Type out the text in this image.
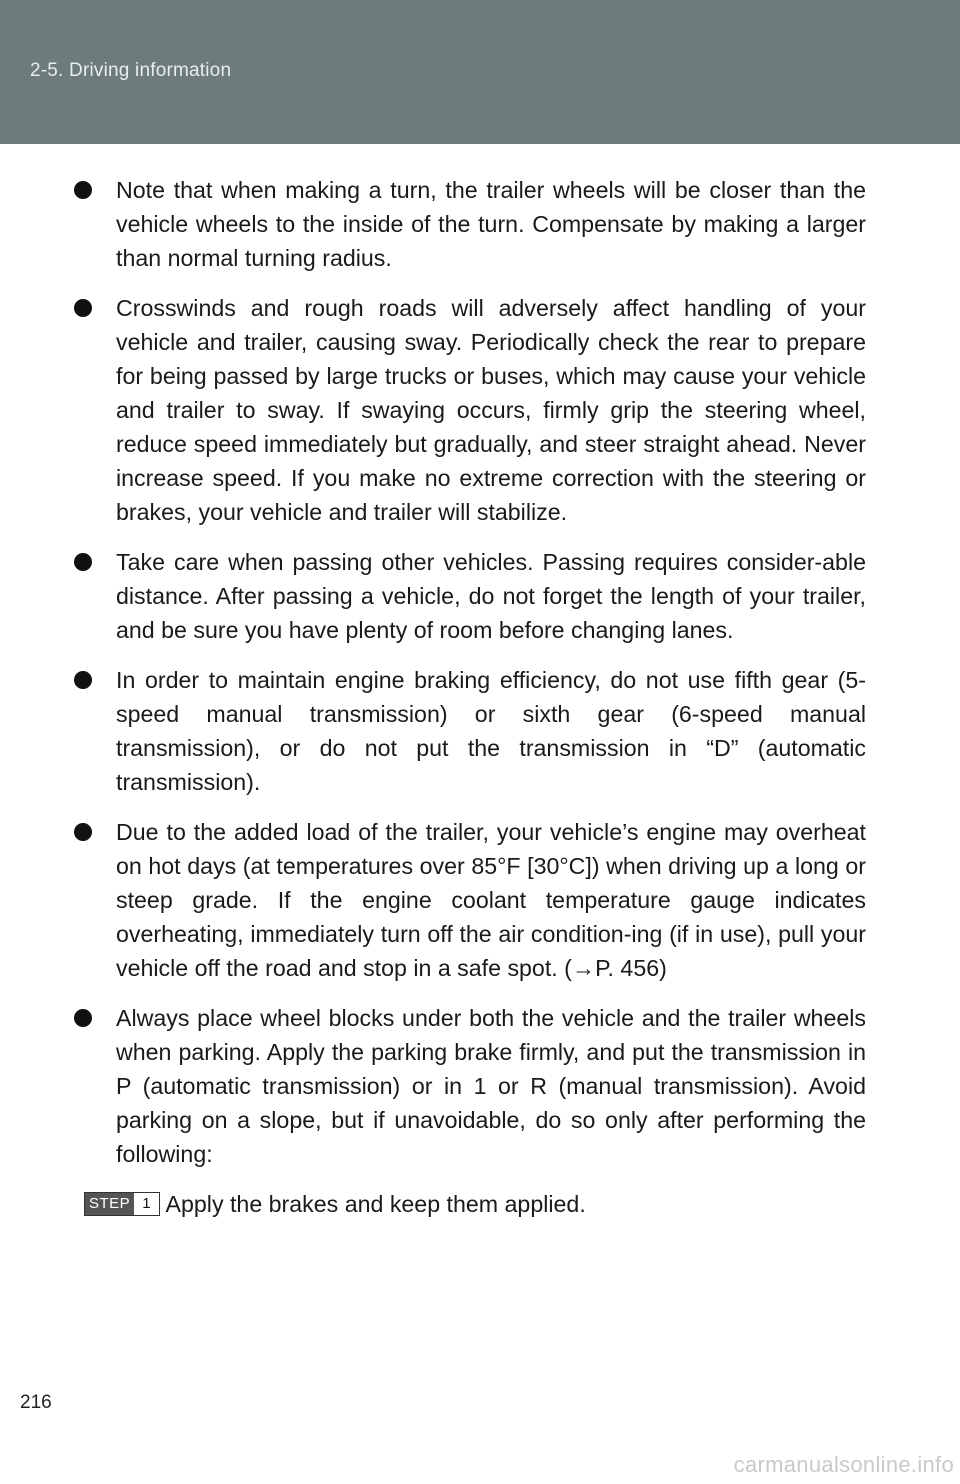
2-5. Driving information
Note that when making a turn, the trailer wheels will be closer than the vehicle wheels to the inside of the turn. Compensate by making a larger than normal turning radius.
Crosswinds and rough roads will adversely affect handling of your vehicle and trailer, causing sway. Periodically check the rear to prepare for being passed by large trucks or buses, which may cause your vehicle and trailer to sway. If swaying occurs, firmly grip the steering wheel, reduce speed immediately but gradually, and steer straight ahead. Never increase speed. If you make no extreme correction with the steering or brakes, your vehicle and trailer will stabilize.
Take care when passing other vehicles. Passing requires consider-able distance. After passing a vehicle, do not forget the length of your trailer, and be sure you have plenty of room before changing lanes.
In order to maintain engine braking efficiency, do not use fifth gear (5-speed manual transmission) or sixth gear (6-speed manual transmission), or do not put the transmission in “D” (automatic transmission).
Due to the added load of the trailer, your vehicle’s engine may overheat on hot days (at temperatures over 85°F [30°C]) when driving up a long or steep grade. If the engine coolant temperature gauge indicates overheating, immediately turn off the air condition-ing (if in use), pull your vehicle off the road and stop in a safe spot. (→P. 456)
Always place wheel blocks under both the vehicle and the trailer wheels when parking. Apply the parking brake firmly, and put the transmission in P (automatic transmission) or in 1 or R (manual transmission). Avoid parking on a slope, but if unavoidable, do so only after performing the following:
STEP 1 Apply the brakes and keep them applied.
216
carmanualsonline.info
